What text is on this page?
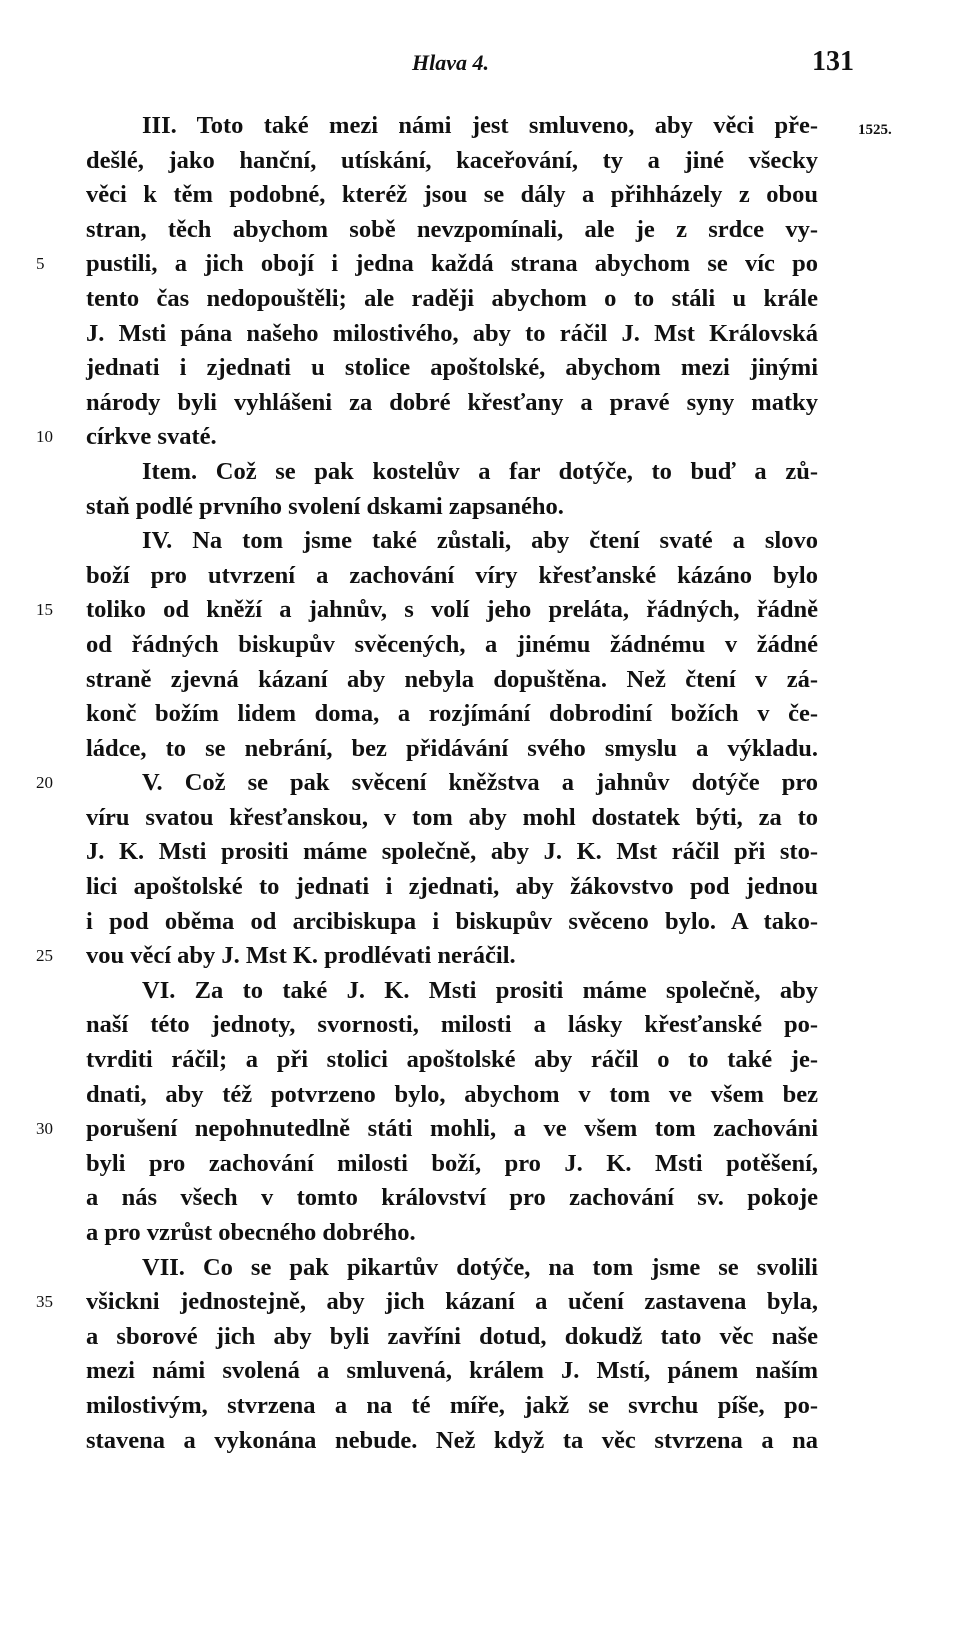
Hlava 4.	131
1525.
III. Toto také mezi námi jest smluveno, aby věci pře-
dešlé, jako hanční, utískání, kaceřování, ty a jiné všecky
věci k těm podobné, kteréž jsou se dály a přihházely z obou
stran, těch abychom sobě nevzpomínali, ale je z srdce vy-
5	pustili, a jich obojí i jedna každá strana abychom se víc po
tento čas nedopouštěli; ale raději abychom o to stáli u krále
J. Msti pána našeho milostivého, aby to ráčil J. Mst Královská
jednati i zjednati u stolice apoštolské, abychom mezi jinými
národy byli vyhlášeni za dobré křesťany a pravé syny matky
10	církve svaté.
Item. Což se pak kostelův a far dotýče, to buď a zů-
staň podlé prvního svolení dskami zapsaného.
IV. Na tom jsme také zůstali, aby čtení svaté a slovo
boží pro utvrzení a zachování víry křesťanské kázáno bylo
15	toliko od kněží a jahnův, s volí jeho preláta, řádných, řádně
od řádných biskupův svěcených, a jinému žádnému v žádné
straně zjevná kázaní aby nebyla dopuštěna. Než čtení v zá-
konč božím lidem doma, a rozjímání dobrodiní božích v če-
ládce, to se nebrání, bez přidávání svého smyslu a výkladu.
20	V. Což se pak svěcení kněžstva a jahnův dotýče pro
víru svatou křesťanskou, v tom aby mohl dostatek býti, za to
J. K. Msti prositi máme společně, aby J. K. Mst ráčil při sto-
lici apoštolské to jednati i zjednati, aby žákovstvo pod jednou
i pod oběma od arcibiskupa i biskupův svěceno bylo. A tako-
25	vou věcí aby J. Mst K. prodlévati neráčil.
VI. Za to také J. K. Msti prositi máme společně, aby
naší této jednoty, svornosti, milosti a lásky křesťanské po-
tvrditi ráčil; a při stolici apoštolské aby ráčil o to také je-
dnati, aby též potvrzeno bylo, abychom v tom ve všem bez
30	porušení nepohnutedlně státi mohli, a ve všem tom zachováni
byli pro zachování milosti boží, pro J. K. Msti potěšení,
a nás všech v tomto království pro zachování sv. pokoje
a pro vzrůst obecného dobrého.
VII. Co se pak pikartův dotýče, na tom jsme se svolili
35	všickni jednostejně, aby jich kázaní a učení zastavena byla,
a sborové jich aby byli zavříni dotud, dokudž tato věc naše
mezi námi svolená a smluvená, králem J. Mstí, pánem naším
milostivým, stvrzena a na té míře, jakž se svrchu píše, po-
stavena a vykonána nebude. Než když ta věc stvrzena a na
